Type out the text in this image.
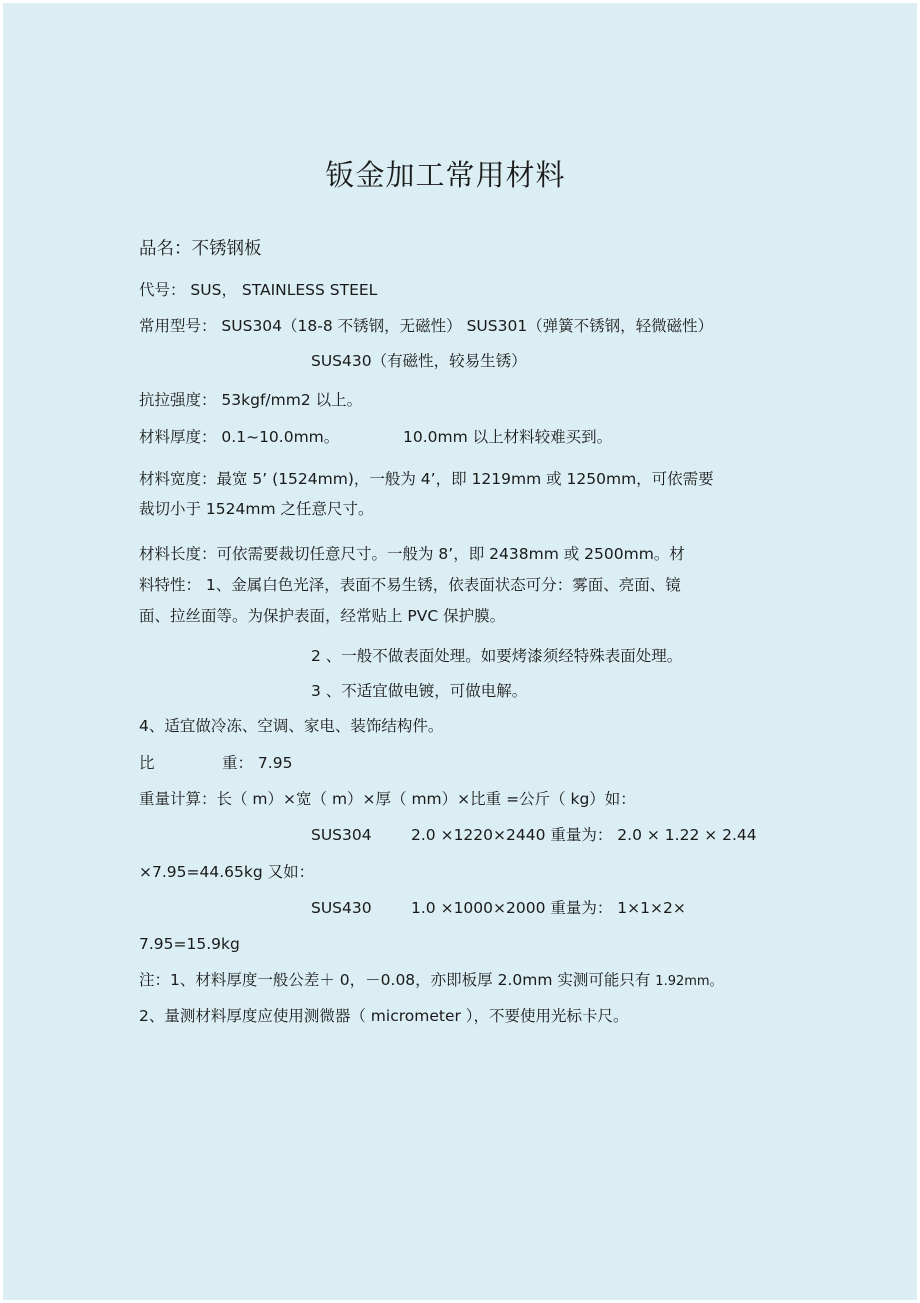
钣金加工常用材料
品名：不锈钢板
代号： SUS， STAINLESS STEEL
常用型号： SUS304（18-8 不锈钢，无磁性） SUS301（弹簧不锈钢，轻微磁性）
SUS430（有磁性，较易生锈）
抗拉强度： 53kgf/mm2 以上。
材料厚度： 0.1~10.0mm。	10.0mm 以上材料较难买到。
材料宽度：最宽 5’ (1524mm)，一般为 4’，即 1219mm 或 1250mm，可依需要
裁切小于 1524mm 之任意尺寸。
材料长度：可依需要裁切任意尺寸。一般为 8’，即 2438mm 或 2500mm。材
料特性： 1、金属白色光泽，表面不易生锈，依表面状态可分：雾面、亮面、镜
面、拉丝面等。为保护表面，经常贴上 PVC 保护膜。
2 、一般不做表面处理。如要烤漆须经特殊表面处理。
3 、不适宜做电镀，可做电解。
4、适宜做冷冻、空调、家电、装饰结构件。
比	重： 7.95
重量计算：长（ m）×宽（ m）×厚（ mm）×比重 =公斤（ kg）如：
SUS304	2.0 ×1220×2440 重量为： 2.0 × 1.22 × 2.44
×7.95=44.65kg 又如：
SUS430	1.0 ×1000×2000 重量为： 1×1×2×
7.95=15.9kg
注：1、材料厚度一般公差＋ 0，－0.08，亦即板厚 2.0mm 实测可能只有 1.92mm。
2、量测材料厚度应使用测微器（ micrometer ），不要使用光标卡尺。
